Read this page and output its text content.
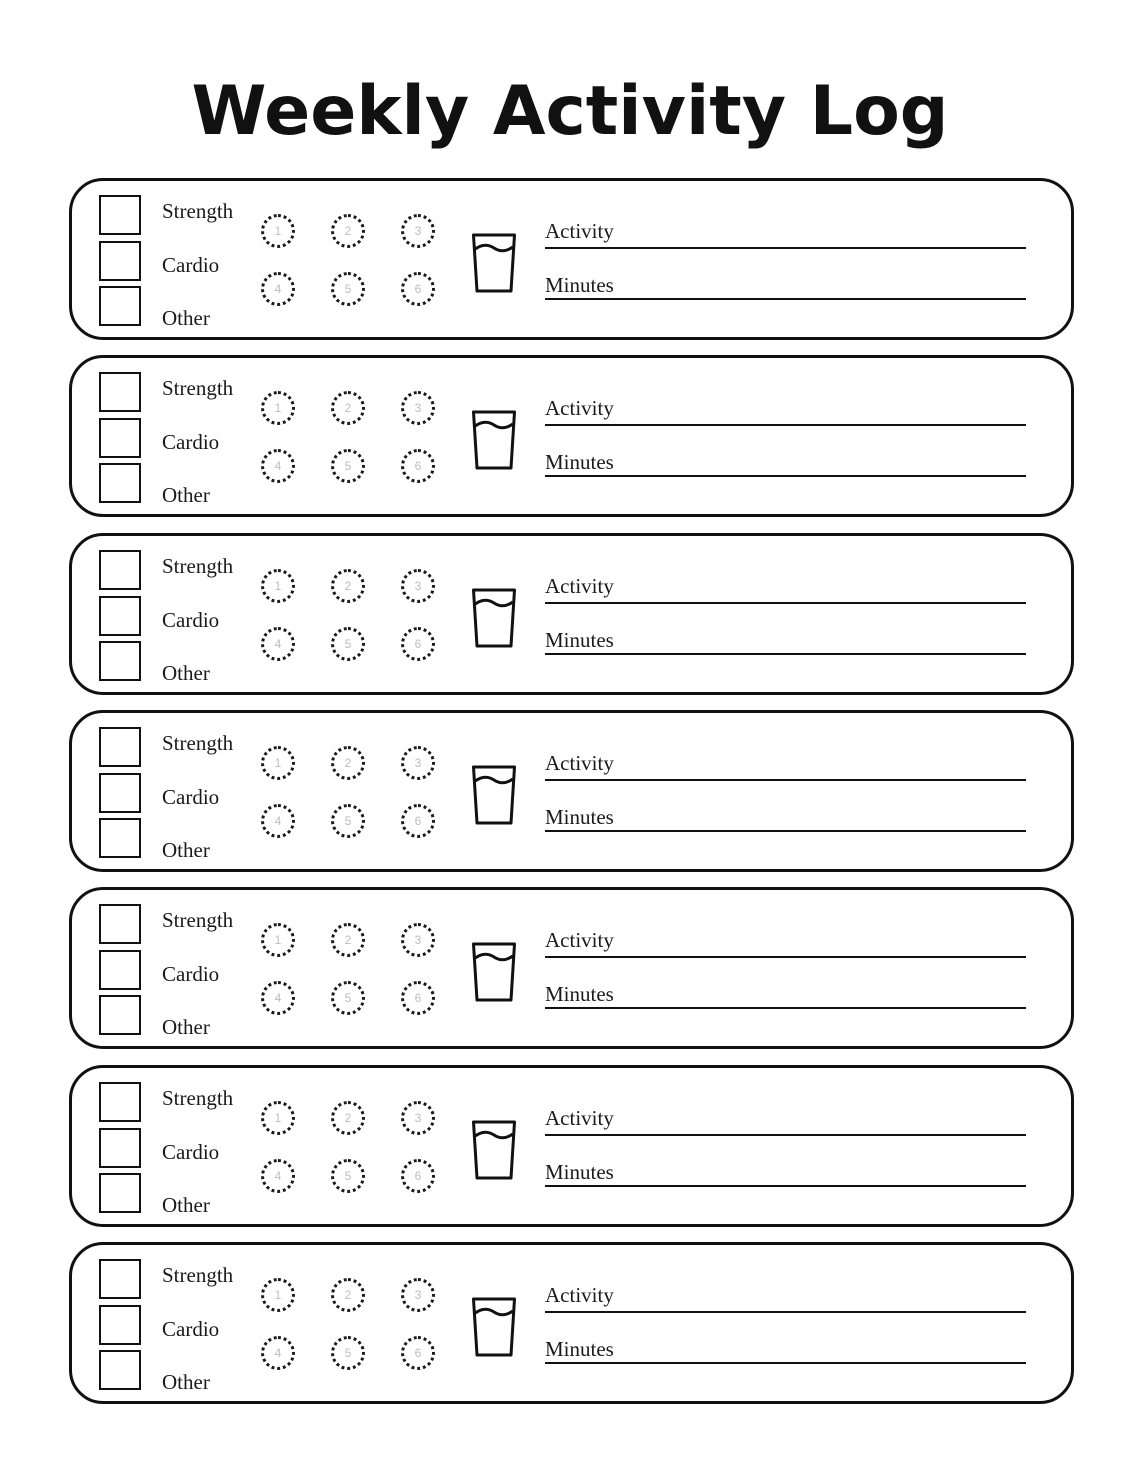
Weekly Activity Log
Strength
Cardio
Other
1	2	3
4	5	6
Activity
Minutes
Strength
Cardio
Other
1	2	3
4	5	6
Activity
Minutes
Strength
Cardio
Other
1	2	3
4	5	6
Activity
Minutes
Strength
Cardio
Other
1	2	3
4	5	6
Activity
Minutes
Strength
Cardio
Other
1	2	3
4	5	6
Activity
Minutes
Strength
Cardio
Other
1	2	3
4	5	6
Activity
Minutes
Strength
Cardio
Other
1	2	3
4	5	6
Activity
Minutes
